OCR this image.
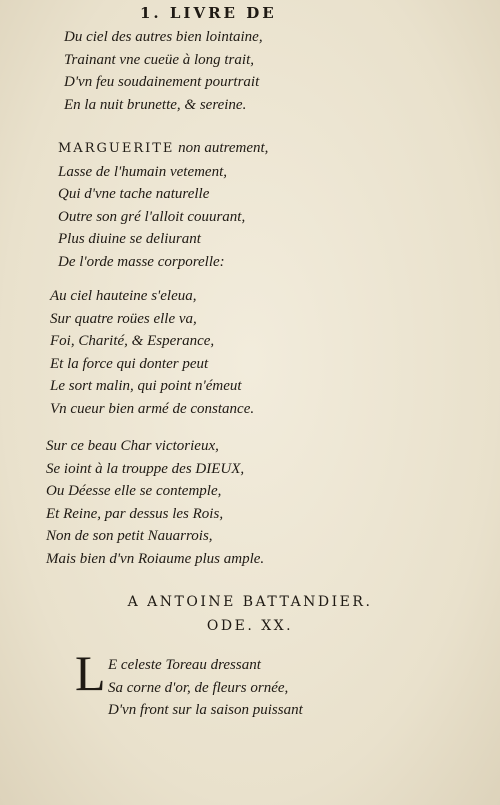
1. LIVRE DE
Du ciel des autres bien lointaine,
Trainant vne cueüe à long trait,
D'vn feu soudainement pourtrait
En la nuit brunette, & sereine.
MARGUERITE non autrement,
Lasse de l'humain vetement,
Qui d'vne tache naturelle
Outre son gré l'alloit couurant,
Plus diuine se deliurant
De l'orde masse corporelle:
Au ciel hauteine s'eleua,
Sur quatre roües elle va,
Foi, Charité, & Esperance,
Et la force qui donter peut
Le sort malin, qui point n'émeut
Vn cueur bien armé de constance.
Sur ce beau Char victorieux,
Se ioint à la trouppe des DIEUX,
Ou Déesse elle se contemple,
Et Reine, par dessus les Rois,
Non de son petit Nauarrois,
Mais bien d'vn Roiaume plus ample.
A ANTOINE BATTANDIER.
ODE. XX.
L E celeste Toreau dressant
Sa corne d'or, de fleurs ornée,
D'vn front sur la saison puissant
